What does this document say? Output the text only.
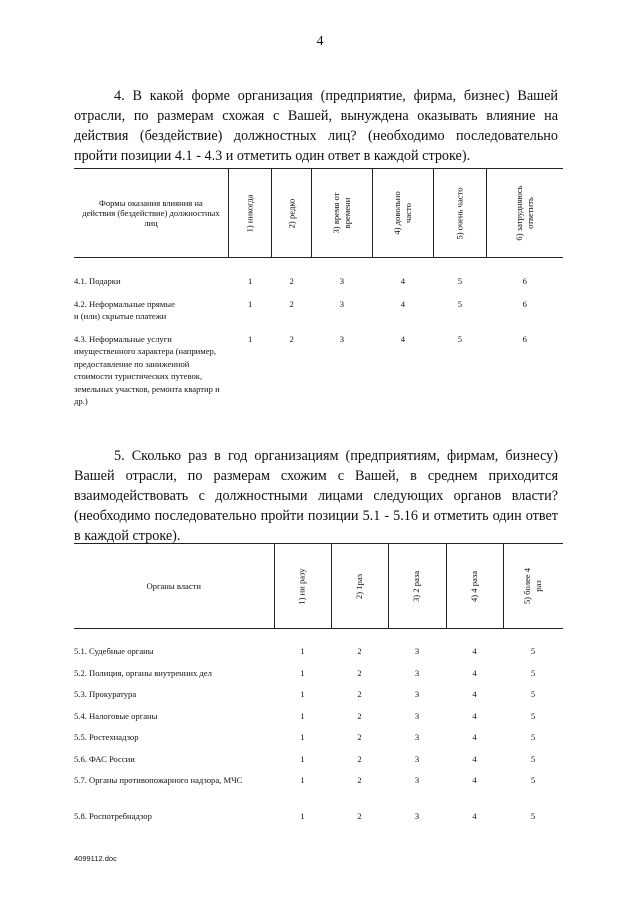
4

4. В какой форме организация (предприятие, фирма, бизнес) Вашей отрасли, по размерам схожая с Вашей, вынуждена оказывать влияние на действия (бездействие) должностных лиц? (необходимо последовательно пройти позиции 4.1 - 4.3 и отметить один ответ в каждой строке).

Формы оказания влияния на действия (бездействие) должностных лиц	1) никогда	2) редко	3) время от времени	4) довольно часто	5) очень часто	6) затрудняюсь ответить

4.1. Подарки	1	2	3	4	5	6
4.2. Неформальные прямые и (или) скрытые платежи	1	2	3	4	5	6
4.3. Неформальные услуги имущественного характера (например, предоставление по заниженной стоимости туристических путевок, земельных участков, ремонта квартир и др.)	1	2	3	4	5	6

5. Сколько раз в год организациям (предприятиям, фирмам, бизнесу) Вашей отрасли, по размерам схожим с Вашей, в среднем приходится взаимодействовать с должностными лицами следующих органов власти? (необходимо последовательно пройти позиции 5.1 - 5.16 и отметить один ответ в каждой строке).

Органы власти	1) ни разу	2) 1раз	3) 2 раза	4) 4 раза	5) более 4 раз

5.1. Судебные органы	1	2	3	4	5
5.2. Полиция, органы внутренних дел	1	2	3	4	5
5.3. Прокуратура	1	2	3	4	5
5.4. Налоговые органы	1	2	3	4	5
5.5. Ростехнадзор	1	2	3	4	5
5.6. ФАС России	1	2	3	4	5
5.7. Органы противопожарного надзора, МЧС	1	2	3	4	5
5.8. Роспотребнадзор	1	2	3	4	5
4099112.doc
